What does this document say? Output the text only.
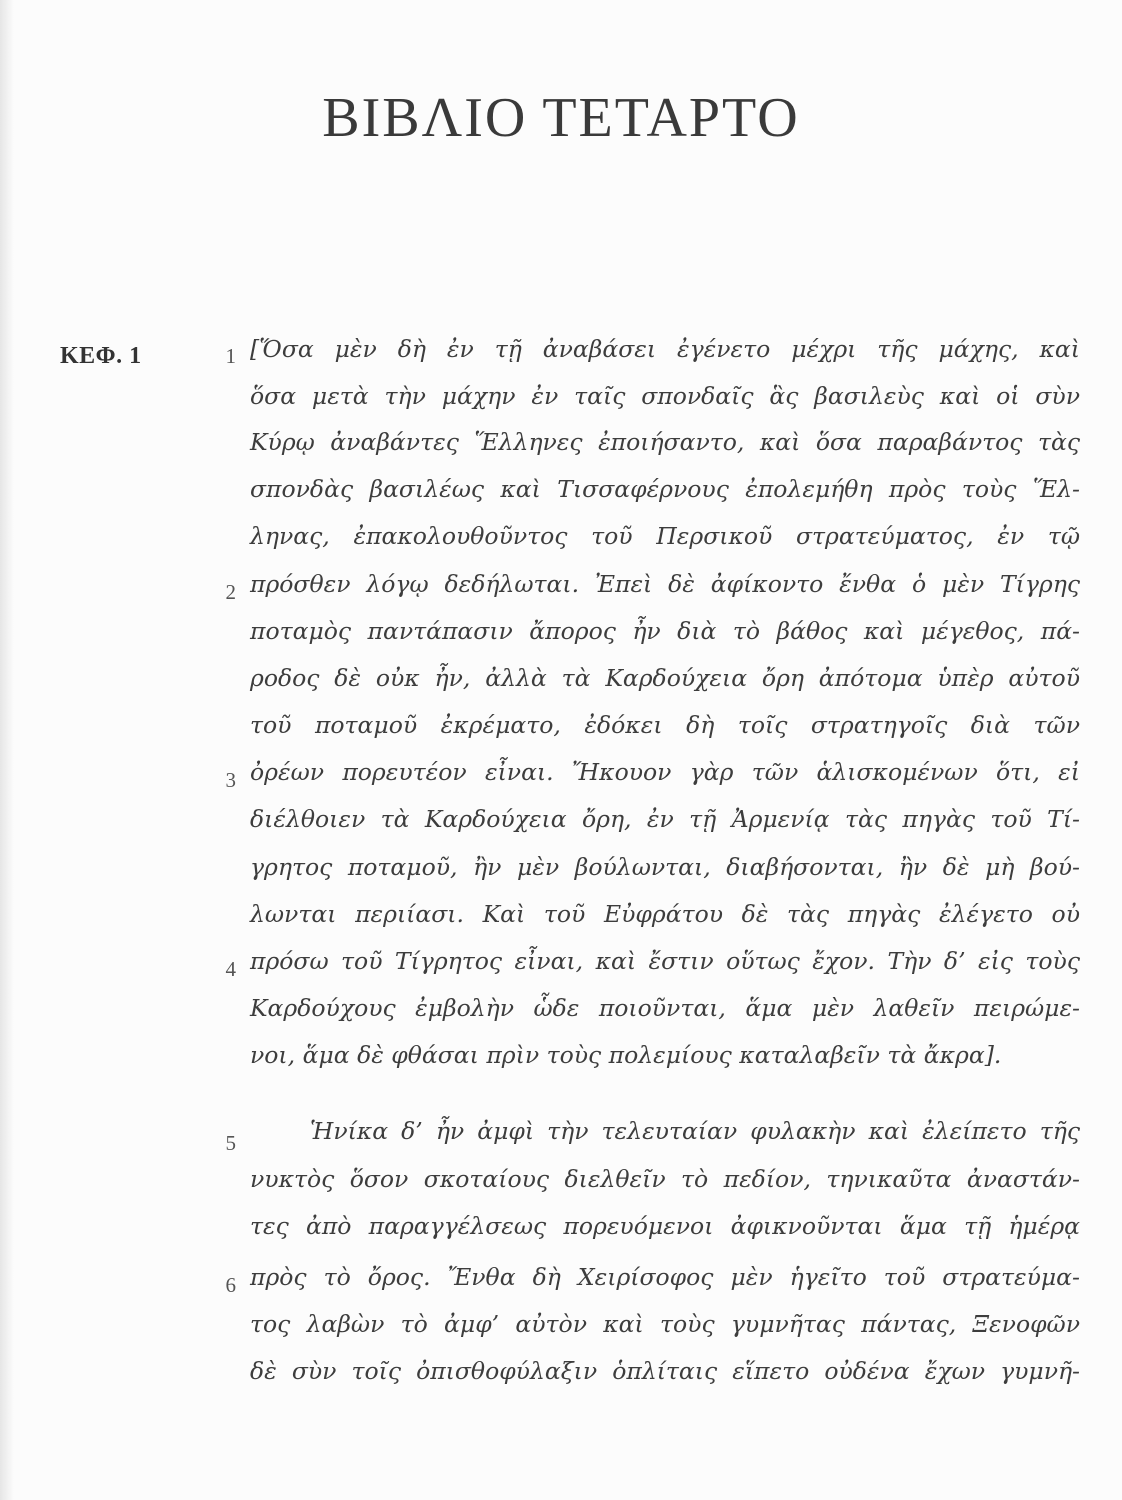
ΒΙΒΛΙΟ ΤΕΤΑΡΤΟ
ΚΕΦ. 1	1
2
3
4
5
6
[Ὅσα μὲν δὴ ἐν τῇ ἀναβάσει ἐγένετο μέχρι τῆς μάχης, καὶ
ὅσα μετὰ τὴν μάχην ἐν ταῖς σπονδαῖς ἃς βασιλεὺς καὶ οἱ σὺν
Κύρῳ ἀναβάντες Ἕλληνες ἐποιήσαντο, καὶ ὅσα παραβάντος τὰς
σπονδὰς βασιλέως καὶ Τισσαφέρνους ἐπολεμήθη πρὸς τοὺς Ἕλ-
ληνας, ἐπακολουθοῦντος τοῦ Περσικοῦ στρατεύματος, ἐν τῷ
πρόσθεν λόγῳ δεδήλωται. Ἐπεὶ δὲ ἀφίκοντο ἔνθα ὁ μὲν Τίγρης
ποταμὸς παντάπασιν ἄπορος ἦν διὰ τὸ βάθος καὶ μέγεθος, πά-
ροδος δὲ οὐκ ἦν, ἀλλὰ τὰ Καρδούχεια ὄρη ἀπότομα ὑπὲρ αὐτοῦ
τοῦ ποταμοῦ ἐκρέματο, ἐδόκει δὴ τοῖς στρατηγοῖς διὰ τῶν
ὀρέων πορευτέον εἶναι. Ἤκουον γὰρ τῶν ἁλισκομένων ὅτι, εἰ
διέλθοιεν τὰ Καρδούχεια ὄρη, ἐν τῇ Ἀρμενίᾳ τὰς πηγὰς τοῦ Τί-
γρητος ποταμοῦ, ἢν μὲν βούλωνται, διαβήσονται, ἢν δὲ μὴ βού-
λωνται περιίασι. Καὶ τοῦ Εὐφράτου δὲ τὰς πηγὰς ἐλέγετο οὐ
πρόσω τοῦ Τίγρητος εἶναι, καὶ ἔστιν οὕτως ἔχον. Τὴν δ’ εἰς τοὺς
Καρδούχους ἐμβολὴν ὧδε ποιοῦνται, ἅμα μὲν λαθεῖν πειρώμε-
νοι, ἅμα δὲ φθάσαι πρὶν τοὺς πολεμίους καταλαβεῖν τὰ ἄκρα].
Ἡνίκα δ’ ἦν ἀμφὶ τὴν τελευταίαν φυλακὴν καὶ ἐλείπετο τῆς
νυκτὸς ὅσον σκοταίους διελθεῖν τὸ πεδίον, τηνικαῦτα ἀναστάν-
τες ἀπὸ παραγγέλσεως πορευόμενοι ἀφικνοῦνται ἅμα τῇ ἡμέρᾳ
πρὸς τὸ ὄρος. Ἔνθα δὴ Χειρίσοφος μὲν ἡγεῖτο τοῦ στρατεύμα-
τος λαβὼν τὸ ἀμφ’ αὐτὸν καὶ τοὺς γυμνῆτας πάντας, Ξενοφῶν
δὲ σὺν τοῖς ὀπισθοφύλαξιν ὁπλίταις εἵπετο οὐδένα ἔχων γυμνῆ-
